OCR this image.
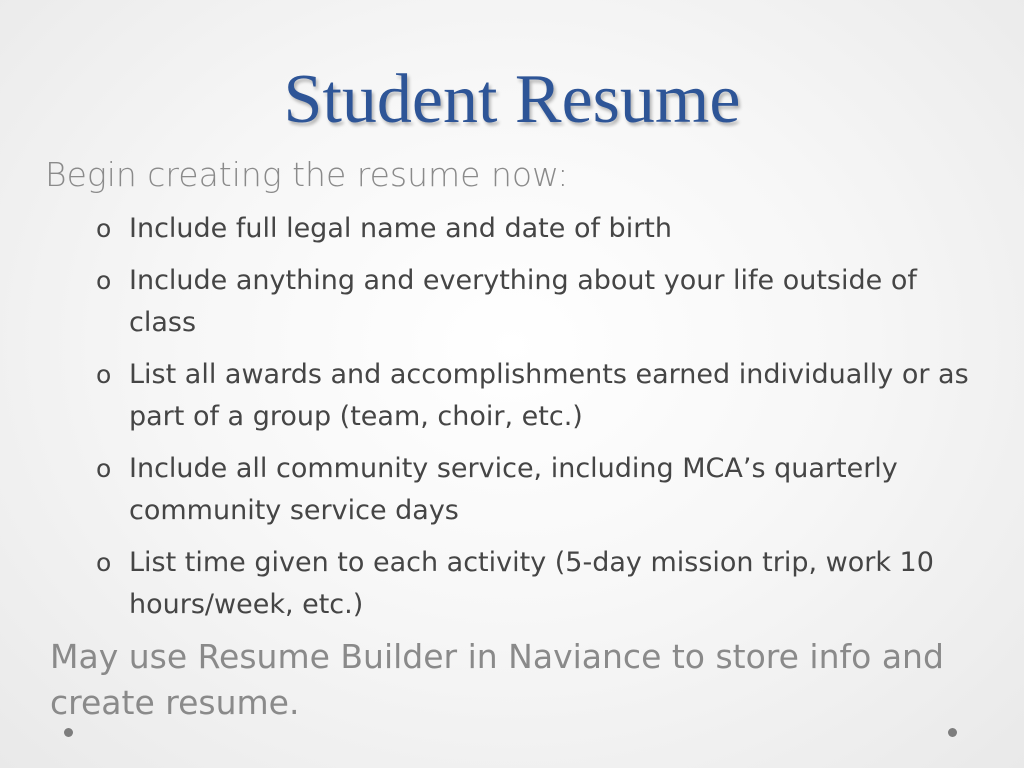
Student Resume

Begin creating the resume now:

o Include full legal name and date of birth
o Include anything and everything about your life outside of class
o List all awards and accomplishments earned individually or as part of a group (team, choir, etc.)
o Include all community service, including MCA’s quarterly community service days
o List time given to each activity (5-day mission trip, work 10 hours/week, etc.)

May use Resume Builder in Naviance to store info and create resume.
